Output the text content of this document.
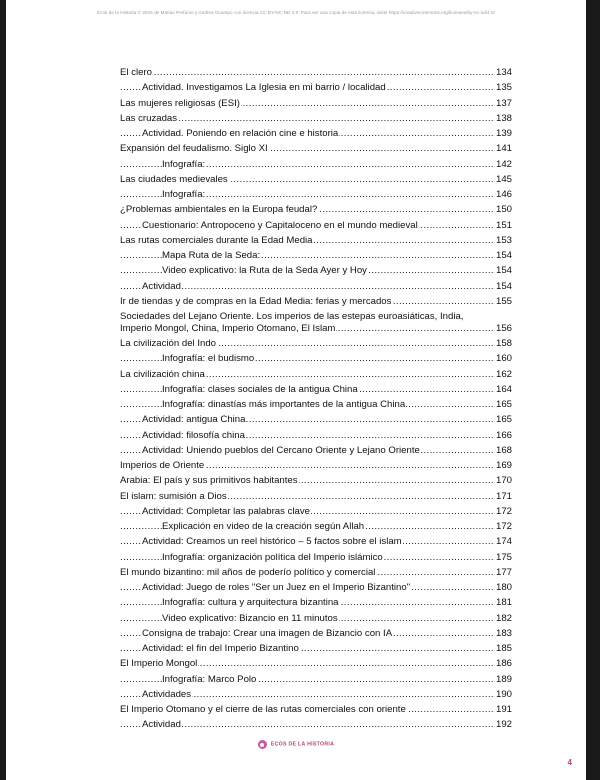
Ecos de la Historia © 2026 de Matías Perfumo y Andrea Ocampo con licencia CC BY-NC-ND 4.0. Para ver una copia de esta licencia, visite https://creativecommons.org/licenses/by-nc-nd/4.0/
..... El clero	134
..... Actividad. Investigamos La Iglesia en mi barrio / localidad	135
..... Las mujeres religiosas (ESI)	137
..... Las cruzadas	138
..... Actividad. Poniendo en relación cine e historia	139
..... Expansión del feudalismo. Siglo XI	141
..... Infografía:	142
..... Las ciudades medievales	145
..... Infografía:	146
..... ¿Problemas ambientales en la Europa feudal?	150
..... Cuestionario: Antropoceno y Capitaloceno en el mundo medieval	151
..... Las rutas comerciales durante la Edad Media	153
..... Mapa Ruta de la Seda:	154
..... Video explicativo: la Ruta de la Seda Ayer y Hoy	154
..... Actividad	154
..... Ir de tiendas y de compras en la Edad Media: ferias y mercados	155
Sociedades del Lejano Oriente. Los imperios de las estepas euroasiáticas, India,
..... Imperio Mongol, China, Imperio Otomano, El Islam	156
..... La civilización del Indo	158
..... Infografía: el budismo	160
..... La civilización china	162
..... Infografía: clases sociales de la antigua China	164
..... Infografía: dinastías más importantes de la antigua China	165
..... Actividad: antigua China	165
..... Actividad: filosofía china	166
..... Actividad: Uniendo pueblos del Cercano Oriente y Lejano Oriente	168
..... Imperios de Oriente	169
..... Arabia: El país y sus primitivos habitantes	170
..... El islam: sumisión a Dios	171
..... Actividad: Completar las palabras clave	172
..... Explicación en video de la creación según Allah	172
..... Actividad: Creamos un reel histórico – 5 factos sobre el islam	174
..... Infografía: organización política del Imperio islámico	175
..... El mundo bizantino: mil años de poderío político y comercial	177
..... Actividad: Juego de roles "Ser un Juez en el Imperio Bizantino"	180
..... Infografía: cultura y arquitectura bizantina	181
..... Video explicativo: Bizancio en 11 minutos	182
..... Consigna de trabajo: Crear una imagen de Bizancio con IA	183
..... Actividad: el fin del Imperio Bizantino	185
..... El Imperio Mongol	186
..... Infografía: Marco Polo	189
..... Actividades	190
..... El Imperio Otomano y el cierre de las rutas comerciales con oriente	191
..... Actividad	192
ECOS DE LA HISTORIA
4
